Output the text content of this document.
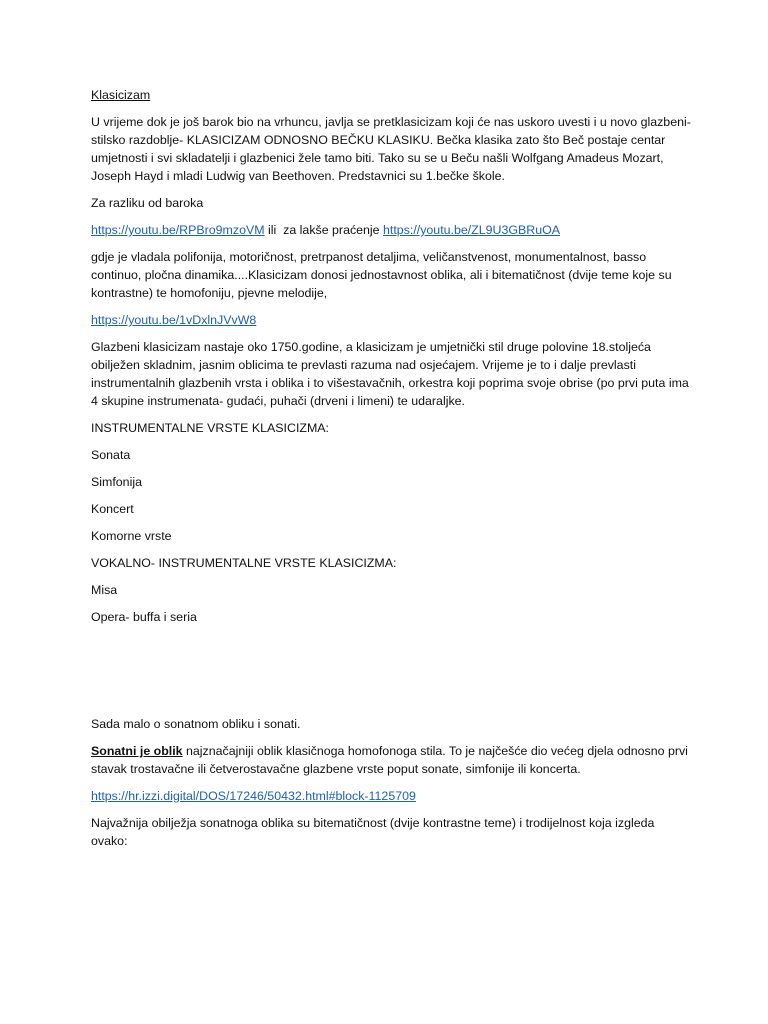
Klasicizam

U vrijeme dok je još barok bio na vrhuncu, javlja se pretklasicizam koji će nas uskoro uvesti i u novo glazbeni- stilsko razdoblje- KLASICIZAM ODNOSNO BEČKU KLASIKU. Bečka klasika zato što Beč postaje centar umjetnosti i svi skladatelji i glazbenici žele tamo biti. Tako su se u Beču našli Wolfgang Amadeus Mozart, Joseph Hayd i mladi Ludwig van Beethoven. Predstavnici su 1.bečke škole.

Za razliku od baroka

https://youtu.be/RPBro9mzoVM ili  za lakše praćenje https://youtu.be/ZL9U3GBRuOA

gdje je vladala polifonija, motoričnost, pretrpanost detaljima, veličanstvenost, monumentalnost, basso continuo, pločna dinamika....Klasicizam donosi jednostavnost oblika, ali i bitematičnost (dvije teme koje su kontrastne) te homofoniju, pjevne melodije,

https://youtu.be/1vDxlnJVvW8

Glazbeni klasicizam nastaje oko 1750.godine, a klasicizam je umjetnički stil druge polovine 18.stoljeća obilježen skladnim, jasnim oblicima te prevlasti razuma nad osjećajem. Vrijeme je to i dalje prevlasti instrumentalnih glazbenih vrsta i oblika i to višestavačnih, orkestra koji poprima svoje obrise (po prvi puta ima 4 skupine instrumenata- gudaći, puhači (drveni i limeni) te udaraljke.

INSTRUMENTALNE VRSTE KLASICIZMA:

Sonata

Simfonija

Koncert

Komorne vrste

VOKALNO- INSTRUMENTALNE VRSTE KLASICIZMA:

Misa

Opera- buffa i seria

Sada malo o sonatnom obliku i sonati.

Sonatni je oblik najznačajniji oblik klasičnoga homofonoga stila. To je najčešće dio većeg djela odnosno prvi stavak trostavačne ili četverostavačne glazbene vrste poput sonate, simfonije ili koncerta.

https://hr.izzi.digital/DOS/17246/50432.html#block-1125709

Najvažnija obilježja sonatnoga oblika su bitematičnost (dvije kontrastne teme) i trodijelnost koja izgleda ovako:
